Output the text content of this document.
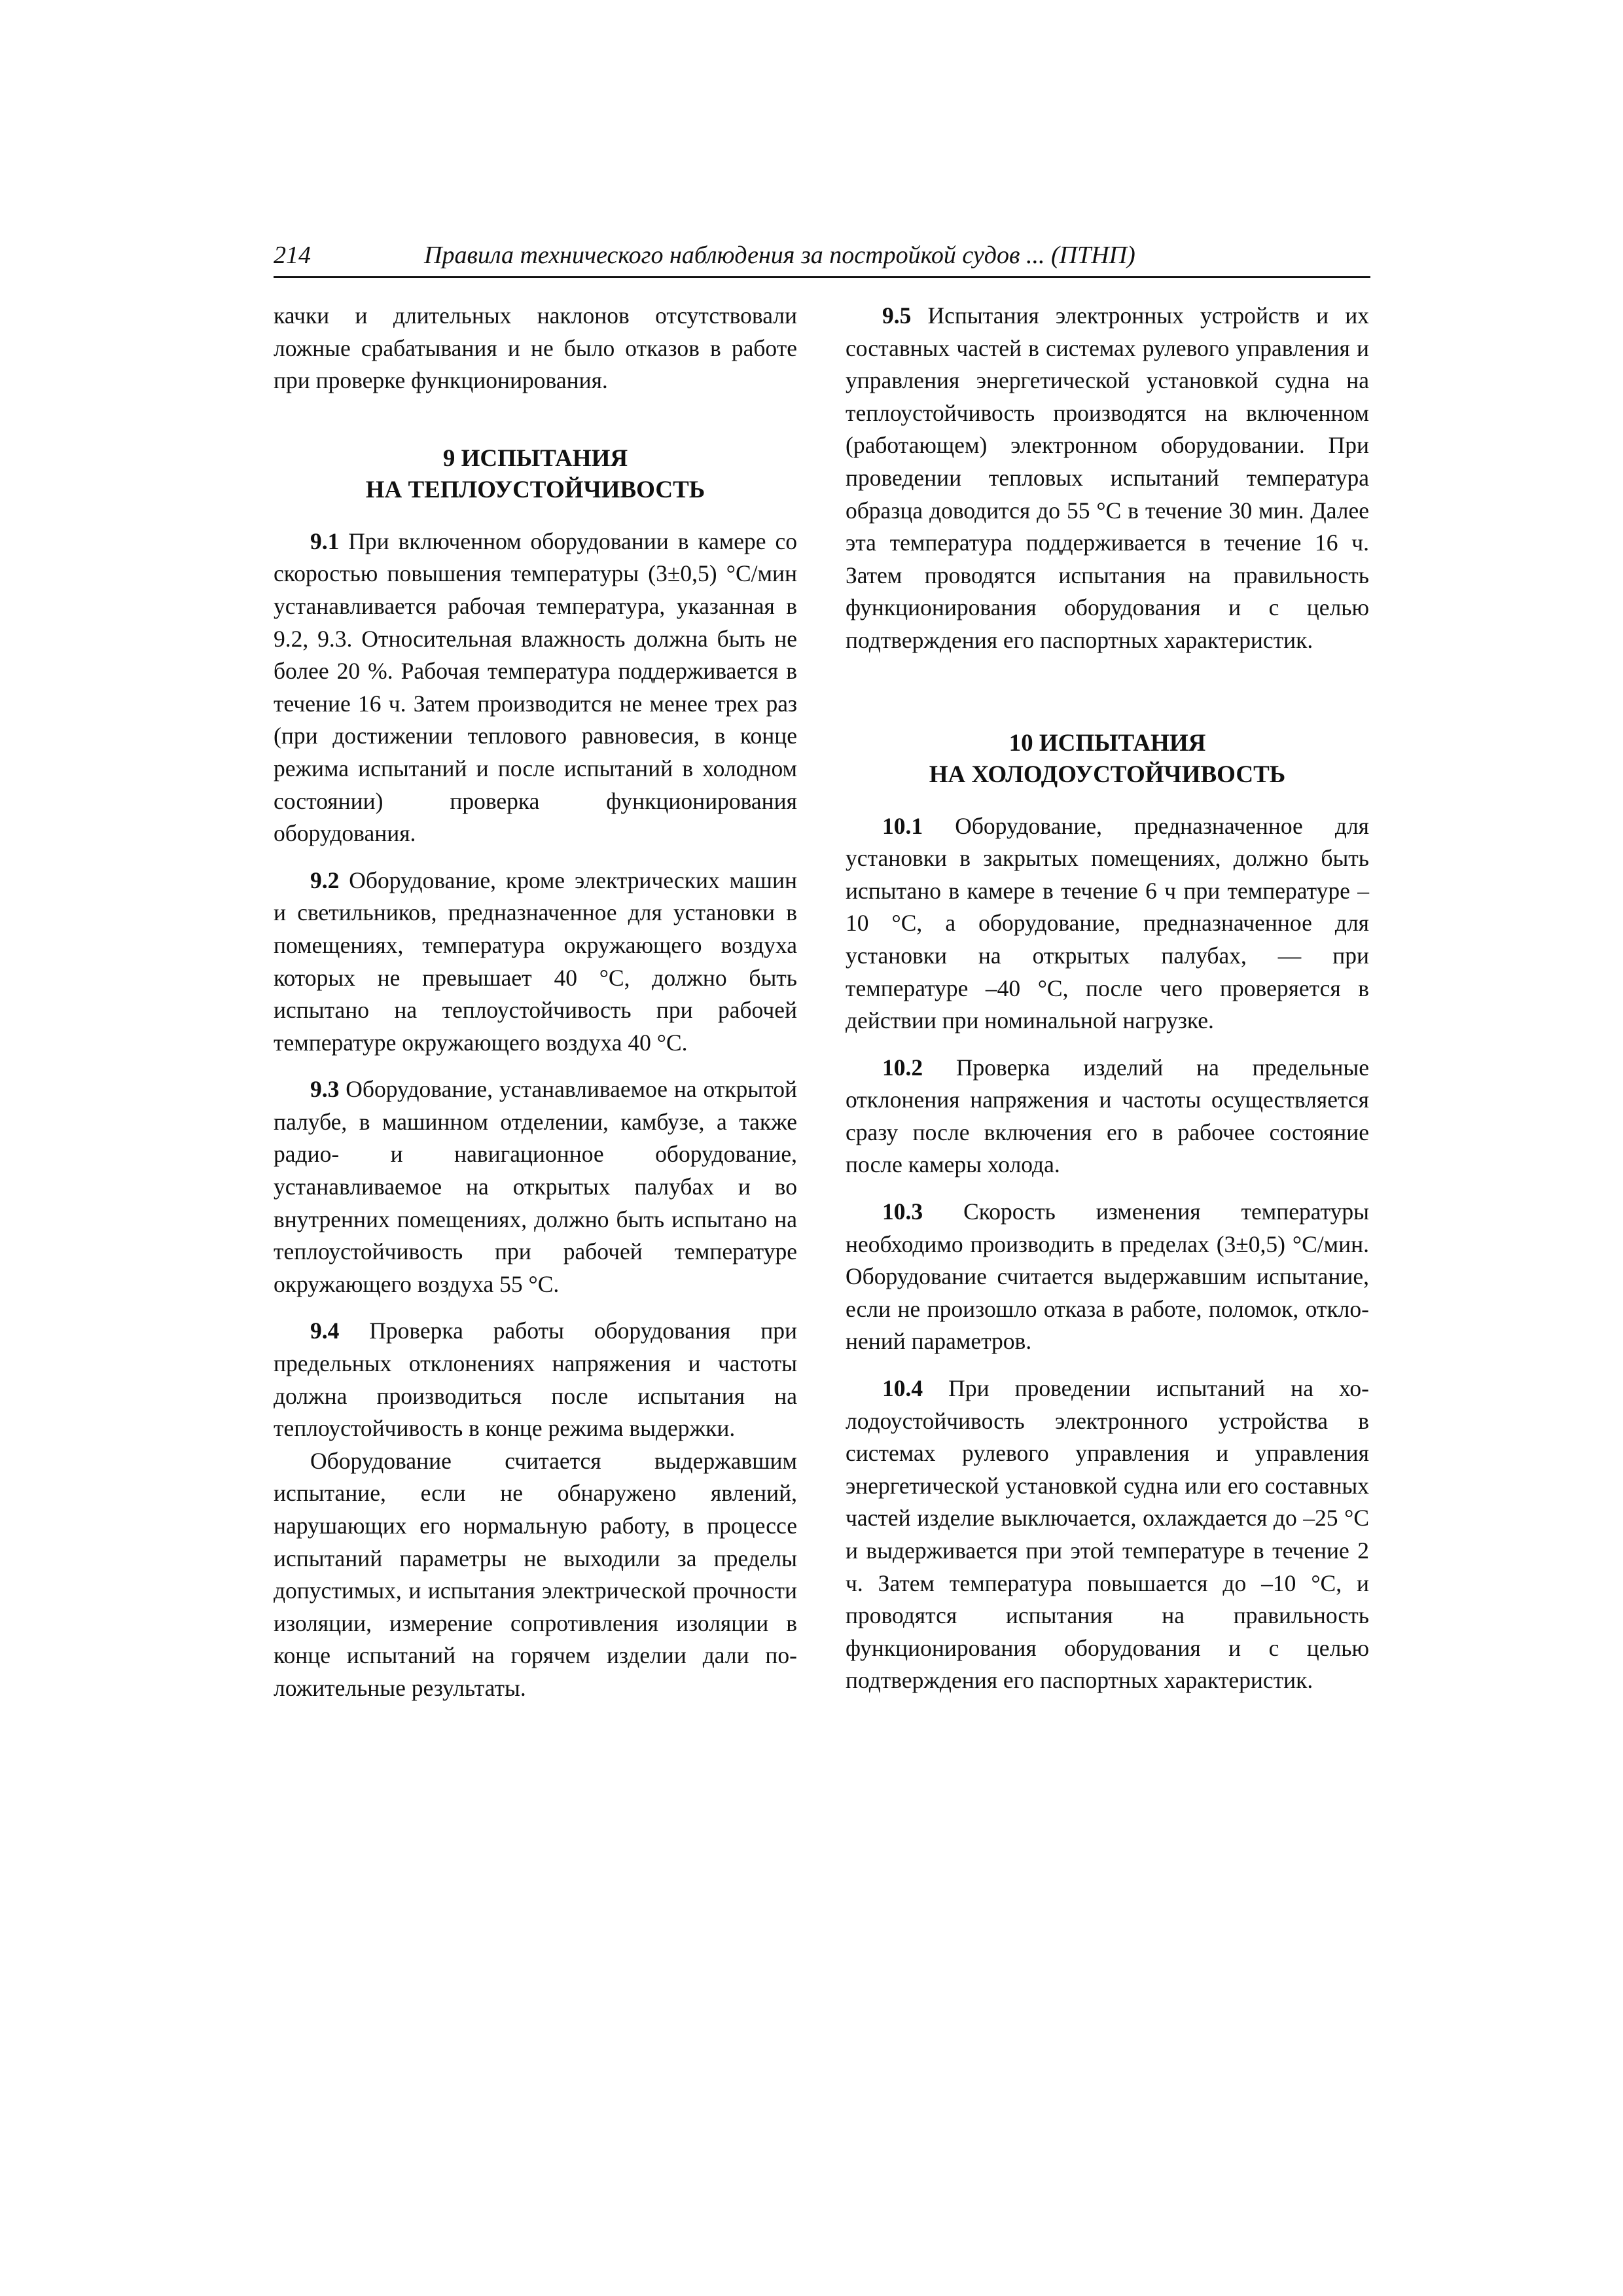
214	Правила технического наблюдения за постройкой судов ... (ПТНП)

качки и длительных наклонов отсутствовали ложные срабатывания и не было отказов в работе при проверке функционирования.

9 ИСПЫТАНИЯ
НА ТЕПЛОУСТОЙЧИВОСТЬ

9.1 При включенном оборудовании в камере со скоростью повышения температуры (3±0,5) °С/мин устанавливается рабочая температура, указанная в 9.2, 9.3. Относительная влажность должна быть не более 20 %. Рабочая температура поддерживается в течение 16 ч. Затем производится не менее трех раз (при достижении теплового равновесия, в конце режима испытаний и после испытаний в холодном состоянии) проверка функционирования оборудования.

9.2 Оборудование, кроме электрических машин и светильников, предназначенное для установки в помещениях, температура окружающего воздуха которых не превышает 40 °С, должно быть испытано на теплоустойчивость при рабочей температуре окружающего воздуха 40 °С.

9.3 Оборудование, устанавливаемое на открытой палубе, в машинном отделении, камбузе, а также радио- и навигационное оборудование, устанавливаемое на открытых палубах и во внутренних помещениях, должно быть испытано на теплоустойчивость при рабочей температуре окружающего воздуха 55 °С.

9.4 Проверка работы оборудования при предельных отклонениях напряжения и частоты должна производиться после испытания на теплоустойчивость в конце режима выдержки.

Оборудование считается выдержавшим испытание, если не обнаружено явлений, нарушающих его нормальную работу, в процессе испытаний параметры не выходили за пределы допустимых, и испытания электрической прочности изоляции, измерение сопротивления изоляции в конце испытаний на горячем изделии дали положительные результаты.

9.5 Испытания электронных устройств и их составных частей в системах рулевого управления и управления энергетической установкой судна на теплоустойчивость производятся на включенном (работающем) электронном оборудовании. При проведении тепловых испытаний температура образца доводится до 55 °С в течение 30 мин. Далее эта температура поддерживается в течение 16 ч. Затем проводятся испытания на правильность функционирования оборудования и с целью подтверждения его паспортных характеристик.

10 ИСПЫТАНИЯ
НА ХОЛОДОУСТОЙЧИВОСТЬ

10.1 Оборудование, предназначенное для установки в закрытых помещениях, должно быть испытано в камере в течение 6 ч при температуре –10 °С, а оборудование, предназначенное для установки на открытых палубах, — при температуре –40 °С, после чего проверяется в действии при номинальной нагрузке.

10.2 Проверка изделий на предельные отклонения напряжения и частоты осуществляется сразу после включения его в рабочее состояние после камеры холода.

10.3 Скорость изменения температуры необходимо производить в пределах (3±0,5) °С/мин. Оборудование считается выдержавшим испытание, если не произошло отказа в работе, поломок, отклонений параметров.

10.4 При проведении испытаний на холодоустойчивость электронного устройства в системах рулевого управления и управления энергетической установкой судна или его составных частей изделие выключается, охлаждается до –25 °С и выдерживается при этой температуре в течение 2 ч. Затем температура повышается до –10 °С, и проводятся испытания на правильность функционирования оборудования и с целью подтверждения его паспортных характеристик.
